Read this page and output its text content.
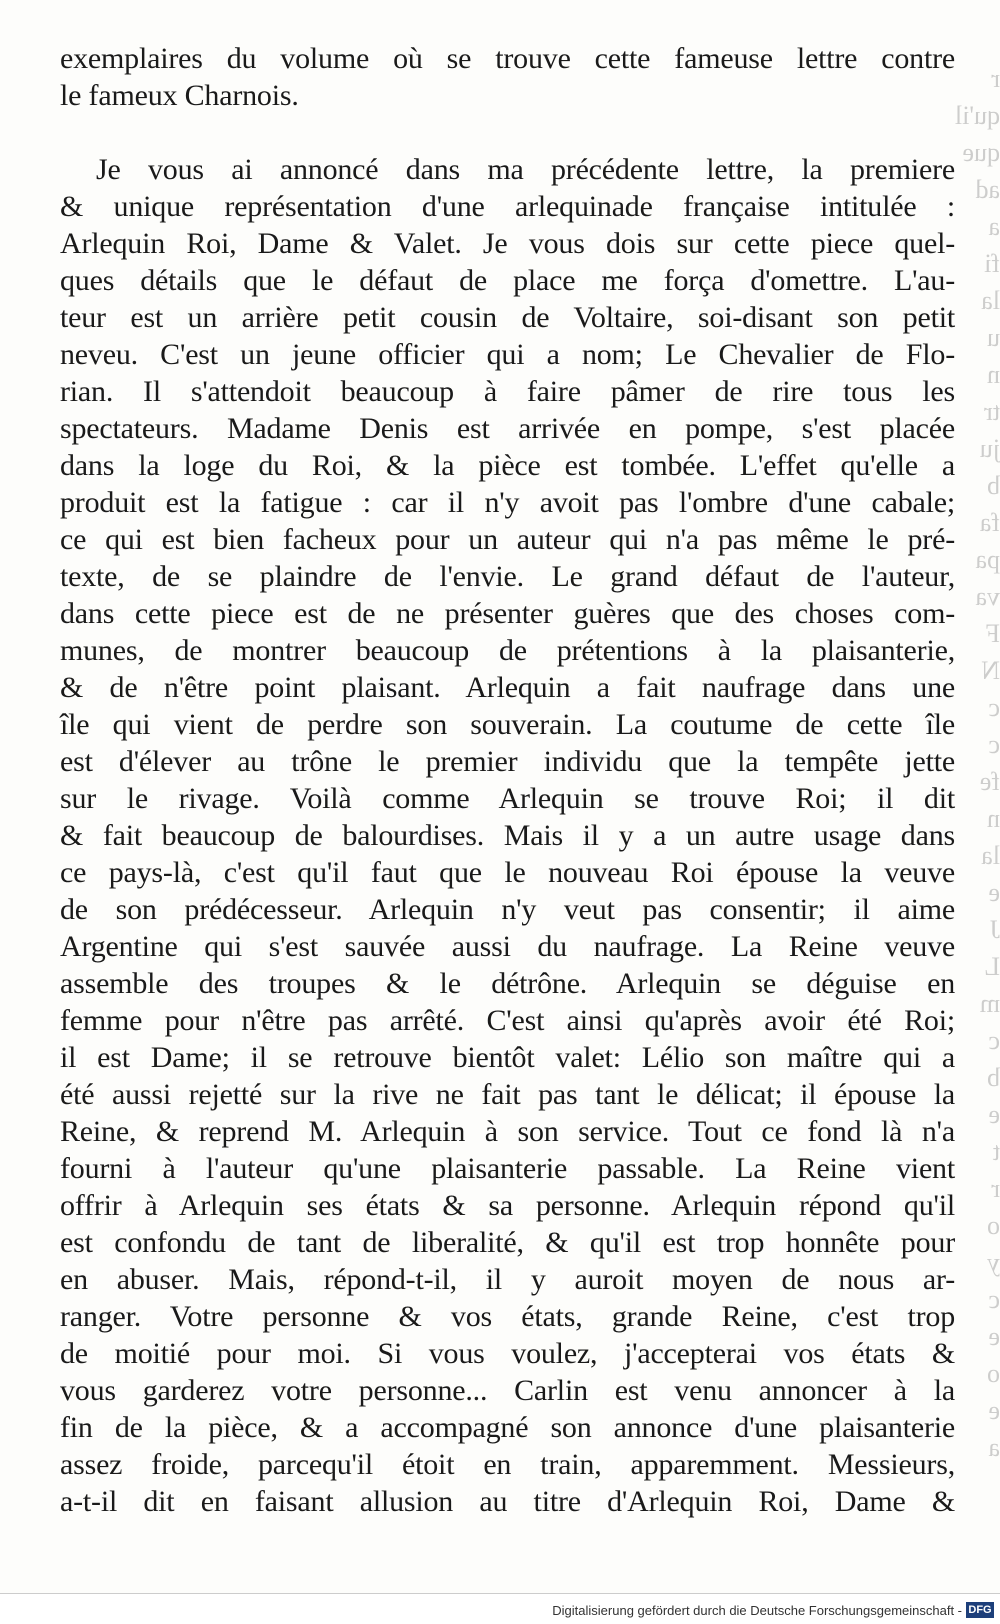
r
qu'il
que
ad
a
fi
la
u
n
tr
ju
b
fa
pa
va
F
N
c
c
fe
n
la
e
J
L
m
c
b
e
t
r
o
y
c
e
o
e
a
exemplaires du volume où se trouve cette fameuse lettre contre
le fameux Charnois.
Je vous ai annoncé dans ma précédente lettre, la premiere
& unique représentation d'une arlequinade française intitulée :
Arlequin Roi, Dame & Valet. Je vous dois sur cette piece quel-
ques détails que le défaut de place me força d'omettre. L'au-
teur est un arrière petit cousin de Voltaire, soi-disant son petit
neveu. C'est un jeune officier qui a nom; Le Chevalier de Flo-
rian. Il s'attendoit beaucoup à faire pâmer de rire tous les
spectateurs. Madame Denis est arrivée en pompe, s'est placée
dans la loge du Roi, & la pièce est tombée. L'effet qu'elle a
produit est la fatigue : car il n'y avoit pas l'ombre d'une cabale;
ce qui est bien facheux pour un auteur qui n'a pas même le pré-
texte, de se plaindre de l'envie. Le grand défaut de l'auteur,
dans cette piece est de ne présenter guères que des choses com-
munes, de montrer beaucoup de prétentions à la plaisanterie,
& de n'être point plaisant. Arlequin a fait naufrage dans une
île qui vient de perdre son souverain. La coutume de cette île
est d'élever au trône le premier individu que la tempête jette
sur le rivage. Voilà comme Arlequin se trouve Roi; il dit
& fait beaucoup de balourdises. Mais il y a un autre usage dans
ce pays-là, c'est qu'il faut que le nouveau Roi épouse la veuve
de son prédécesseur. Arlequin n'y veut pas consentir; il aime
Argentine qui s'est sauvée aussi du naufrage. La Reine veuve
assemble des troupes & le détrône. Arlequin se déguise en
femme pour n'être pas arrêté. C'est ainsi qu'après avoir été Roi;
il est Dame; il se retrouve bientôt valet: Lélio son maître qui a
été aussi rejetté sur la rive ne fait pas tant le délicat; il épouse la
Reine, & reprend M. Arlequin à son service. Tout ce fond là n'a
fourni à l'auteur qu'une plaisanterie passable. La Reine vient
offrir à Arlequin ses états & sa personne. Arlequin répond qu'il
est confondu de tant de liberalité, & qu'il est trop honnête pour
en abuser. Mais, répond-t-il, il y auroit moyen de nous ar-
ranger. Votre personne & vos états, grande Reine, c'est trop
de moitié pour moi. Si vous voulez, j'accepterai vos états &
vous garderez votre personne... Carlin est venu annoncer à la
fin de la pièce, & a accompagné son annonce d'une plaisanterie
assez froide, parcequ'il étoit en train, apparemment. Messieurs,
a-t-il dit en faisant allusion au titre d'Arlequin Roi, Dame &
Digitalisierung gefördert durch die Deutsche Forschungsgemeinschaft - DFG
